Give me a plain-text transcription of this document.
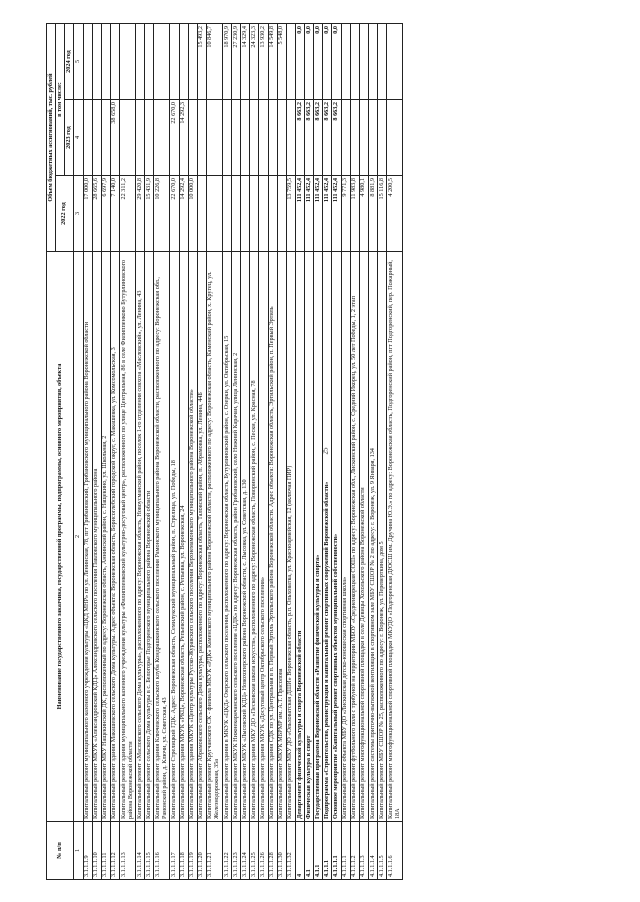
25
№ п/п	Наименование государственного заказчика, государственной программы, подпрограммы, основного мероприятия, объекта	Объем бюджетных ассигнований, тыс. рублей		
		2022 год	в том числе:	
			2023 год	2024 год
1	2	3	4	5
3.1.1.1.9	Капитальный ремонт муниципального казенного учреждения культуры «ЦКД МНР» по ул. Ленинская, 78, пгт Грибановский, Грибановского муниципального района Воронежской области	17 000,0		
3.1.1.1.10	Капитальный ремонт МКУК «Александровский КДЦ» Александровского сельского поселения Павловского муниципального района	28 665,6		
3.1.1.1.11	Капитальный ремонт МКУ Нащекинский ДК, расположенный по адресу: Воронежская область, Аннинский район, с. Нащекино, ул. Школьная, 2	6 697,9		
3.1.1.1.12	Капитальный ремонт здания Макашевского сельского Дома культуры. Адрес объекта: Воронежская область, Борисоглебский городской округ, с. Макашевка, ул. Комсомольская, 3	7 140,0	38 658,0	
3.1.1.1.13	Капитальный ремонт здания муниципального казенного учреждения культуры «Филиппенковский культурно-досуговый центр», расположенного по улице Центральная, 86 в селе Филиппенково Бутурлиновского района Воронежской области	22 311,2		
3.1.1.1.14	Капитальный ремонт «Масловского сельского Дома культуры», расположенного по адресу: Воронежская область, Новоусманский район, поселок 1-го отделения совхоза «Масловский», ул. Ленина, 43	29 420,8		
3.1.1.1.15	Капитальный ремонт сельского Дома культуры в с. Белогорье Подгоренского муниципального района Воронежской области	15 431,9		
3.1.1.1.16	Капитальный ремонт здания Ключевского сельского клуба Кондрашкинского сельского поселения Рамонского муниципального района Воронежской области, расположенного по адресу: Воронежская обл., Рамонский район, д. Ключи, ул. Советская, 43	10 226,8		
3.1.1.1.17	Капитальный ремонт Стрелицкий ГДК. Адрес: Воронежская область, Семилукский муниципальный район, п. Стрелица, ул. Победы, 18	22 670,0	22 670,0	
3.1.1.1.18	Капитальный ремонт здания МКУК «РКЦ», Воронежская область, Репьевский район, с. Репьевка, ул. Воронежская, 24	14 292,4	14 292,3	
3.1.1.1.19	Капитальный ремонт здания МКУК «Центр культуры Русско-Журавского сельского поселения Верхнемамонского муниципального района Воронежской области»	10 000,0		
3.1.1.1.20	Капитальный ремонт Абрамовского сельского Дома культуры, расположенного по адресу: Воронежская область, Таловский район, п. Абрамовка, ул. Ленина, 44Б			15 493,2
3.1.1.1.21	Капитальный ремонт Кругчанского СК - филиала МКУК «РДК» Каменского муниципального района Воронежской области, расположенного по адресу: Воронежская область, Каменский район, х. Кругец, ул. Железнодорожная, 35а			10 846,7
3.1.1.1.22	Капитальный ремонт здания в МКУК «ЦКД» Озерского сельского поселения, расположенного по адресу: Воронежская область, Бутурлиновский район, с. Озерки, ул. Октябрьская, 15			18 970,9
3.1.1.1.23	Капитальный ремонт МКУК Нижнекарачанского сельского поселения «ЦДК» по адресу: Воронежская область, район Грибановский, село Нижний Карачан, улица Ленинская, 2			27 230,9
3.1.1.1.24	Капитальный ремонт МКУК «Лысовский КДЦ» Новохоперского района Воронежской области, с. Лысовка, ул. Советская, д. 130			14 329,4
3.1.1.1.25	Капитальный ремонт здания МКУ ДО «Песковская школа искусств», расположенного по адресу: Воронежская область, Поворинский район, с. Пески, ул. Красная, 78			24 323,3
3.1.1.1.26	Капитальный ремонт здания МКУК «Досуговый центр Октябрьского сельского поселения»			13 930,2
3.1.1.1.28	Капитальный ремонт здания СДК по ул. Центральная в п. Первый Эртиль Эртильского района Воронежской области. Адрес объекта: Воронежская область, Эртильский район, п. Первый Эртиль			14 549,8
3.1.1.1.30	Капитальный ремонт МКУК МБРМР им. А.Т. Прасолова			5 548,0
3.1.1.1.32	Капитальный ремонт МКУ ДО «Ольховатская ДШИ» Воронежская область, р.п. Ольховатка, ул. Красноармейская, 12 (включая ПИР)	13 759,5		
4	Департамент физической культуры и спорта Воронежской области	111 452,4	8 663,2	0,0
4.1	Физическая культура и спорт	111 452,4	8 663,2	0,0
4.1.1	Государственная программа Воронежской области «Развитие физической культуры и спорта»	111 452,4	8 663,2	0,0
4.1.1.1	Подпрограмма «Строительство, реконструкция и капитальный ремонт спортивных сооружений Воронежской области»	111 452,4	8 663,2	0,0
4.1.1.1.1	Основное мероприятие «Капитальный ремонт спортивных объектов муниципальной собственности»	111 452,4	8 663,2	0,0
4.1.1.1.1	Капитальный ремонт объекта МБУ ДО «Лискинская детско-юношеская спортивная школа»	9 771,3		
4.1.1.1.2	Капитальный ремонт футбольного поля с трибуной на территории МБОУ «Среднеикорецкая СОШ» по адресу: Воронежская обл., Лискинский район, с. Средний Икорец, ул. 50 лет Победы, 1, 2 этап	11 983,8		
4.1.1.1.3	Капитальный ремонт многофункциональной спортивной площадки в селе Девицы Хохольского района Воронежской области	4 980,1		
4.1.1.1.4	Капитальный ремонт системы приточно-вытяжной вентиляции в спортивном зале МБУ СШОР № 2 по адресу: г. Воронеж, ул. 9 Января, 134	8 881,9		
4.1.1.1.5	Капитальный ремонт МБУ СШОР № 25, расположенного по адресу: г. Воронеж, ул. Переверткина, дом 5	15 116,8		
4.1.1.1.6	Капитальный ремонт многофункциональной спортивной площадки МКУДО «Подгоренская ДЮСШ им. Дручина Ю.Э.» по адресу: Воронежская область, Подгоренский район, пгт Подгоренский, пер. Пожарный, 18А	4 200,5		
